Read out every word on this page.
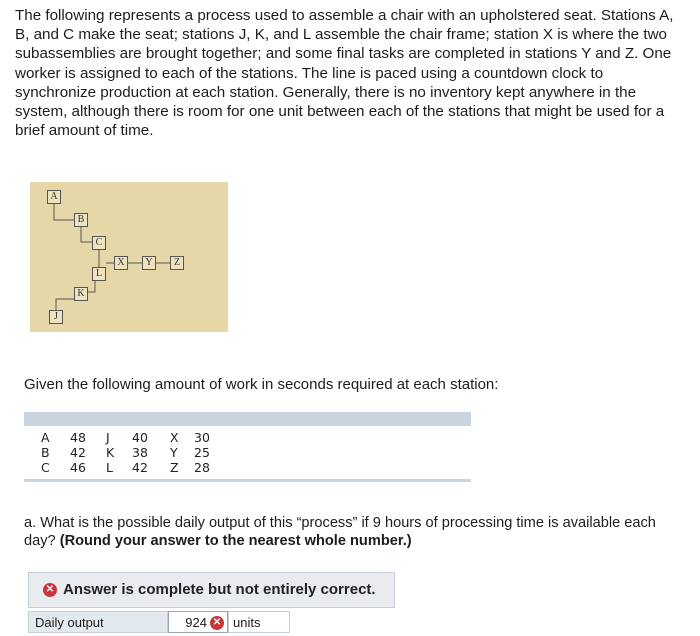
The following represents a process used to assemble a chair with an upholstered seat. Stations A, B, and C make the seat; stations J, K, and L assemble the chair frame; station X is where the two subassemblies are brought together; and some final tasks are completed in stations Y and Z. One worker is assigned to each of the stations. The line is paced using a countdown clock to synchronize production at each station. Generally, there is no inventory kept anywhere in the system, although there is room for one unit between each of the stations that might be used for a brief amount of time.

A
B
C
L
K
J
X	Y	Z

Given the following amount of work in seconds required at each station:

A 48 J 40 X 30
B 42 K 38 Y 25
C 46 L 42 Z 28

a. What is the possible daily output of this “process” if 9 hours of processing time is available each day? (Round your answer to the nearest whole number.)

✕ Answer is complete but not entirely correct.
Daily output	924 ✕ units
